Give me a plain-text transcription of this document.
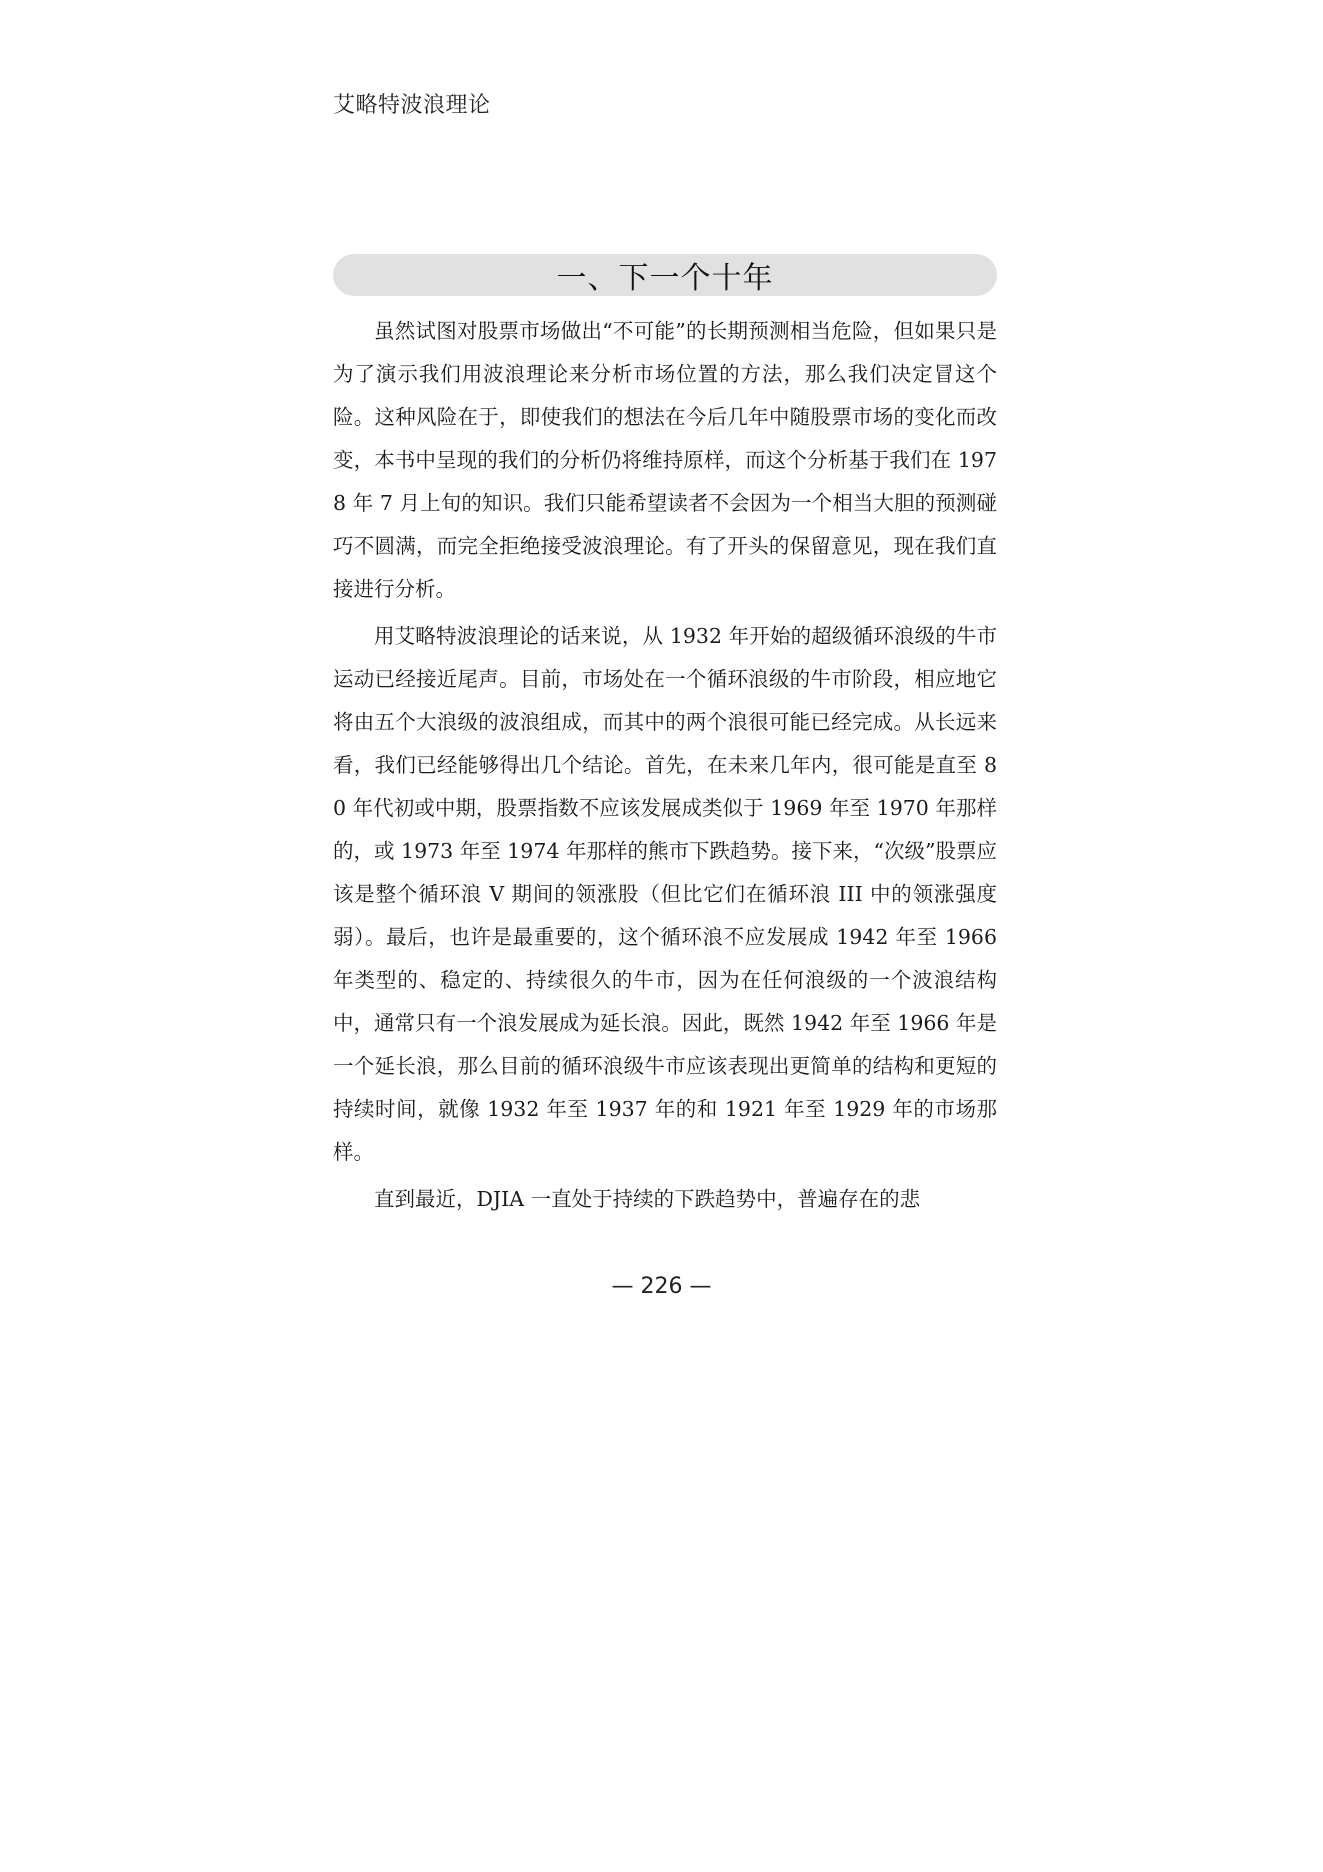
艾略特波浪理论
一、下一个十年

虽然试图对股票市场做出“不可能”的长期预测相当危险，但如果只是为了演示我们用波浪理论来分析市场位置的方法，那么我们决定冒这个险。这种风险在于，即使我们的想法在今后几年中随股票市场的变化而改变，本书中呈现的我们的分析仍将维持原样，而这个分析基于我们在 1978 年 7 月上旬的知识。我们只能希望读者不会因为一个相当大胆的预测碰巧不圆满，而完全拒绝接受波浪理论。有了开头的保留意见，现在我们直接进行分析。

用艾略特波浪理论的话来说，从 1932 年开始的超级循环浪级的牛市运动已经接近尾声。目前，市场处在一个循环浪级的牛市阶段，相应地它将由五个大浪级的波浪组成，而其中的两个浪很可能已经完成。从长远来看，我们已经能够得出几个结论。首先，在未来几年内，很可能是直至 80 年代初或中期，股票指数不应该发展成类似于 1969 年至 1970 年那样的，或 1973 年至 1974 年那样的熊市下跌趋势。接下来，“次级”股票应该是整个循环浪 V 期间的领涨股（但比它们在循环浪 III 中的领涨强度弱）。最后，也许是最重要的，这个循环浪不应发展成 1942 年至 1966 年类型的、稳定的、持续很久的牛市，因为在任何浪级的一个波浪结构中，通常只有一个浪发展成为延长浪。因此，既然 1942 年至 1966 年是一个延长浪，那么目前的循环浪级牛市应该表现出更简单的结构和更短的持续时间，就像 1932 年至 1937 年的和 1921 年至 1929 年的市场那样。

直到最近，DJIA 一直处于持续的下跌趋势中，普遍存在的悲

— 226 —
